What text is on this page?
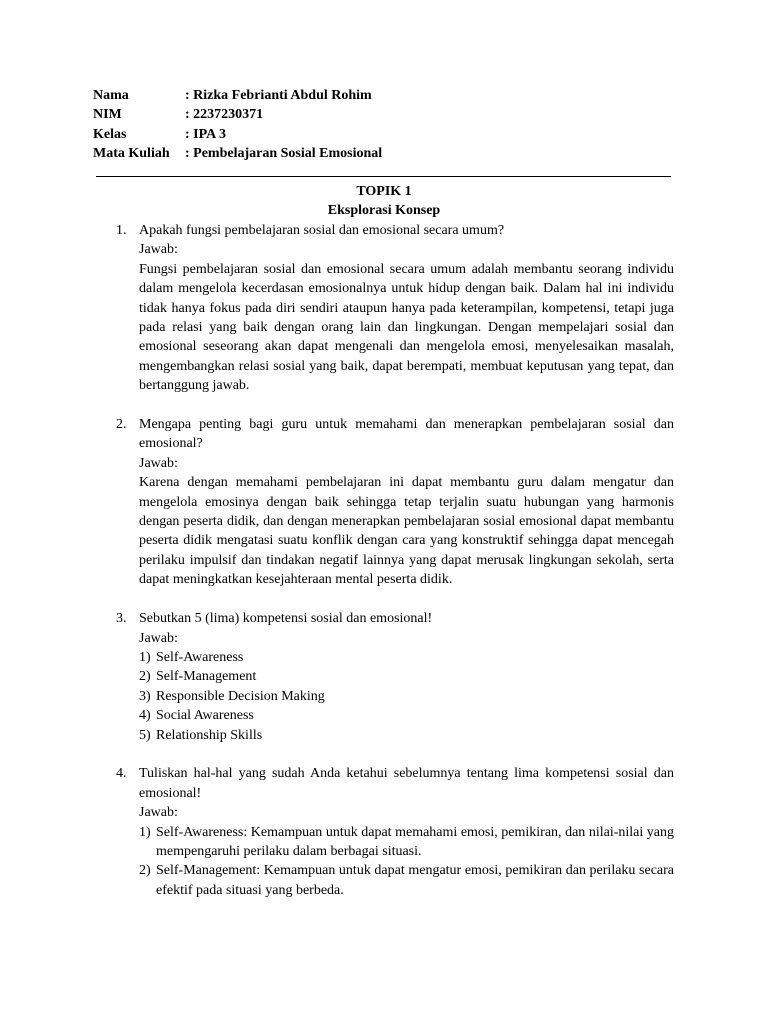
Nama	: Rizka Febrianti Abdul Rohim
NIM	: 2237230371
Kelas	: IPA 3
Mata Kuliah	: Pembelajaran Sosial Emosional
TOPIK 1
Eksplorasi Konsep
1. Apakah fungsi pembelajaran sosial dan emosional secara umum?
Jawab:
Fungsi pembelajaran sosial dan emosional secara umum adalah membantu seorang individu dalam mengelola kecerdasan emosionalnya untuk hidup dengan baik. Dalam hal ini individu tidak hanya fokus pada diri sendiri ataupun hanya pada keterampilan, kompetensi, tetapi juga pada relasi yang baik dengan orang lain dan lingkungan. Dengan mempelajari sosial dan emosional seseorang akan dapat mengenali dan mengelola emosi, menyelesaikan masalah, mengembangkan relasi sosial yang baik, dapat berempati, membuat keputusan yang tepat, dan bertanggung jawab.
2. Mengapa penting bagi guru untuk memahami dan menerapkan pembelajaran sosial dan emosional?
Jawab:
Karena dengan memahami pembelajaran ini dapat membantu guru dalam mengatur dan mengelola emosinya dengan baik sehingga tetap terjalin suatu hubungan yang harmonis dengan peserta didik, dan dengan menerapkan pembelajaran sosial emosional dapat membantu peserta didik mengatasi suatu konflik dengan cara yang konstruktif sehingga dapat mencegah perilaku impulsif dan tindakan negatif lainnya yang dapat merusak lingkungan sekolah, serta dapat meningkatkan kesejahteraan mental peserta didik.
3. Sebutkan 5 (lima) kompetensi sosial dan emosional!
Jawab:
1) Self-Awareness
2) Self-Management
3) Responsible Decision Making
4) Social Awareness
5) Relationship Skills
4. Tuliskan hal-hal yang sudah Anda ketahui sebelumnya tentang lima kompetensi sosial dan emosional!
Jawab:
1) Self-Awareness: Kemampuan untuk dapat memahami emosi, pemikiran, dan nilai-nilai yang mempengaruhi perilaku dalam berbagai situasi.
2) Self-Management: Kemampuan untuk dapat mengatur emosi, pemikiran dan perilaku secara efektif pada situasi yang berbeda.
